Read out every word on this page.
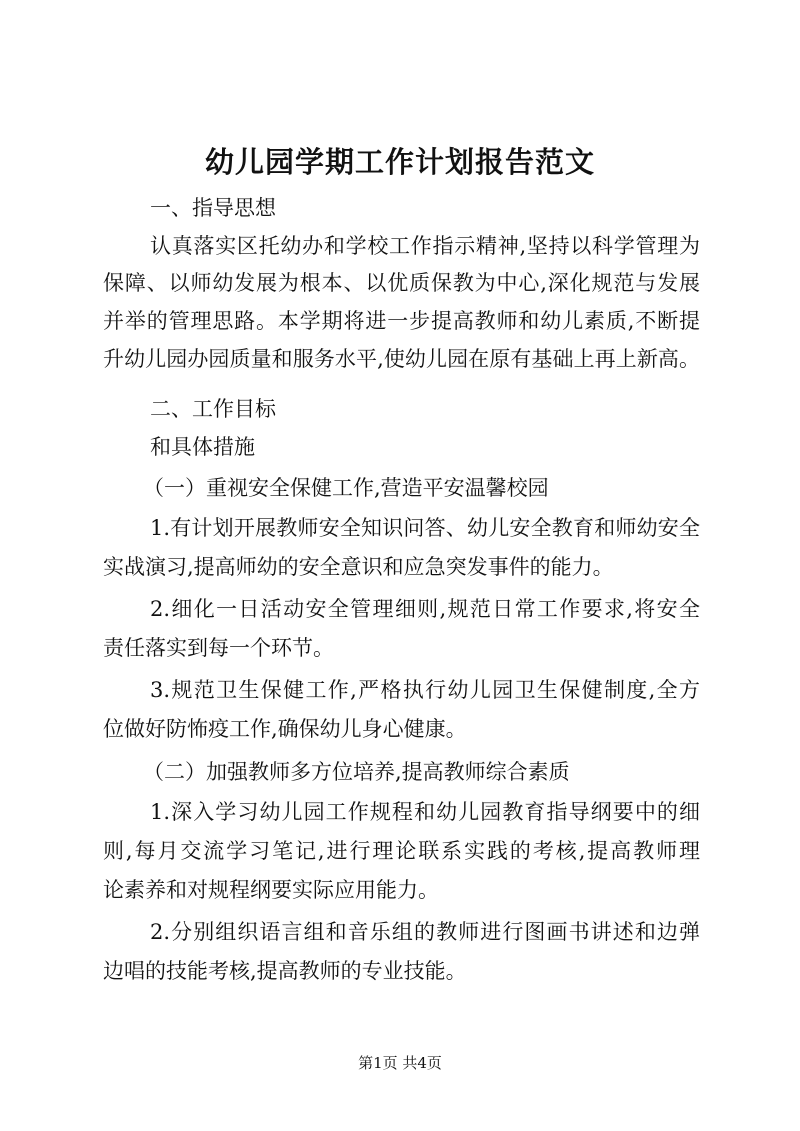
幼儿园学期工作计划报告范文
一、指导思想
认真落实区托幼办和学校工作指示精神,坚持以科学管理为
保障、以师幼发展为根本、以优质保教为中心,深化规范与发展
并举的管理思路。本学期将进一步提高教师和幼儿素质,不断提
升幼儿园办园质量和服务水平,使幼儿园在原有基础上再上新高。
二、工作目标
和具体措施
（一）重视安全保健工作,营造平安温馨校园
1.有计划开展教师安全知识问答、幼儿安全教育和师幼安全
实战演习,提高师幼的安全意识和应急突发事件的能力。
2.细化一日活动安全管理细则,规范日常工作要求,将安全
责任落实到每一个环节。
3.规范卫生保健工作,严格执行幼儿园卫生保健制度,全方
位做好防怖疫工作,确保幼儿身心健康。
（二）加强教师多方位培养,提高教师综合素质
1.深入学习幼儿园工作规程和幼儿园教育指导纲要中的细
则,每月交流学习笔记,进行理论联系实践的考核,提高教师理
论素养和对规程纲要实际应用能力。
2.分别组织语言组和音乐组的教师进行图画书讲述和边弹
边唱的技能考核,提高教师的专业技能。
第1页 共4页
